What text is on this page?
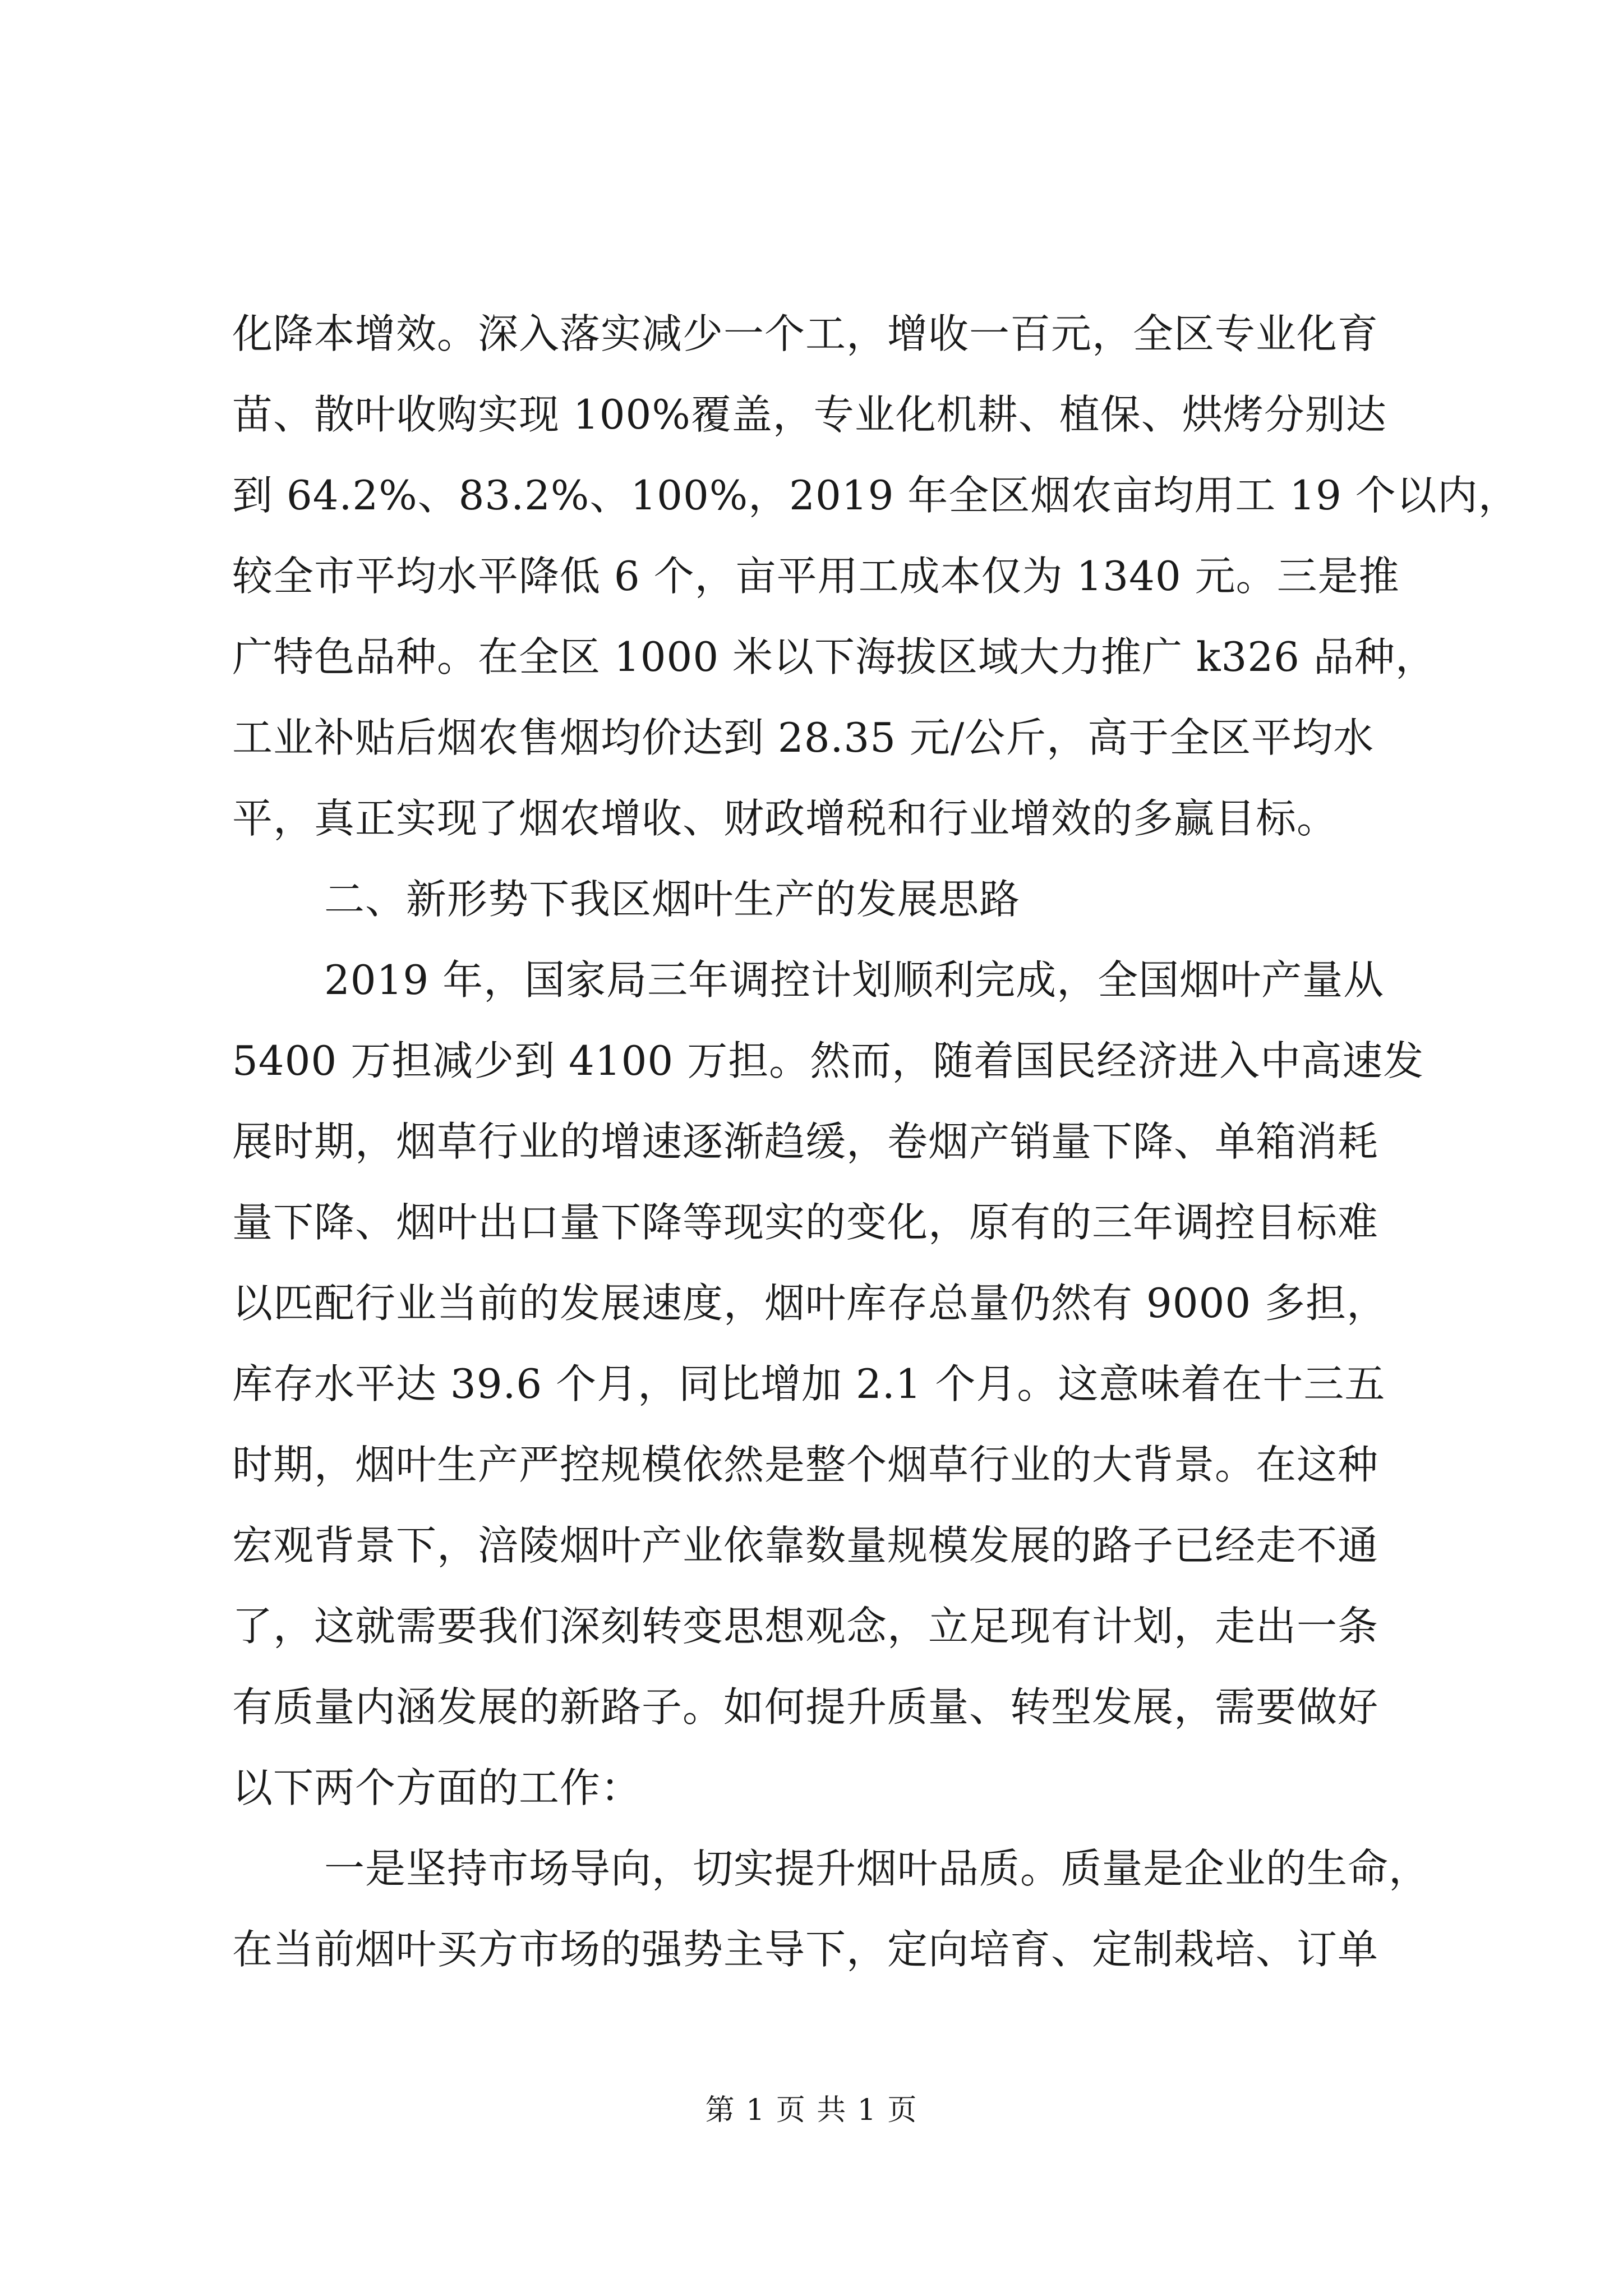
化降本增效。深入落实减少一个工，增收一百元，全区专业化育
苗、散叶收购实现 100%覆盖，专业化机耕、植保、烘烤分别达
到 64.2%、83.2%、100%，2019 年全区烟农亩均用工 19 个以内，
较全市平均水平降低 6 个，亩平用工成本仅为 1340 元。三是推
广特色品种。在全区 1000 米以下海拔区域大力推广 k326 品种，
工业补贴后烟农售烟均价达到 28.35 元/公斤，高于全区平均水
平，真正实现了烟农增收、财政增税和行业增效的多赢目标。
二、新形势下我区烟叶生产的发展思路
2019 年，国家局三年调控计划顺利完成，全国烟叶产量从
5400 万担减少到 4100 万担。然而，随着国民经济进入中高速发
展时期，烟草行业的增速逐渐趋缓，卷烟产销量下降、单箱消耗
量下降、烟叶出口量下降等现实的变化，原有的三年调控目标难
以匹配行业当前的发展速度，烟叶库存总量仍然有 9000 多担，
库存水平达 39.6 个月，同比增加 2.1 个月。这意味着在十三五
时期，烟叶生产严控规模依然是整个烟草行业的大背景。在这种
宏观背景下，涪陵烟叶产业依靠数量规模发展的路子已经走不通
了，这就需要我们深刻转变思想观念，立足现有计划，走出一条
有质量内涵发展的新路子。如何提升质量、转型发展，需要做好
以下两个方面的工作：
一是坚持市场导向，切实提升烟叶品质。质量是企业的生命，
在当前烟叶买方市场的强势主导下，定向培育、定制栽培、订单
第 1 页 共 1 页
